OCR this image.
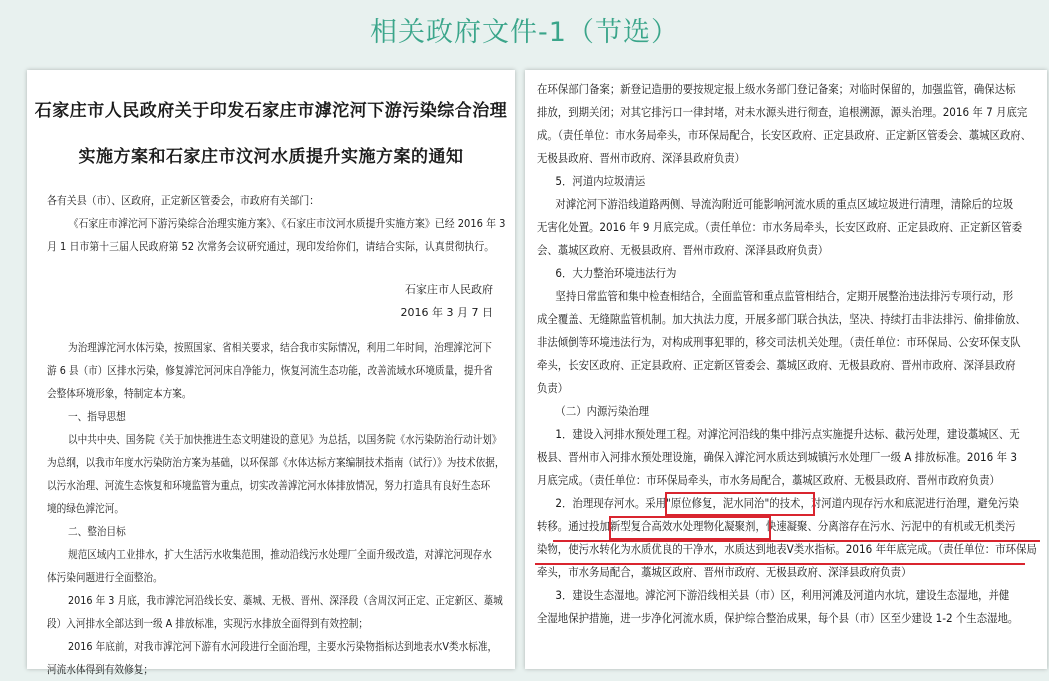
相关政府文件-1（节选）
石家庄市人民政府关于印发石家庄市滹沱河下游污染综合治理
实施方案和石家庄市汶河水质提升实施方案的通知
各有关县（市）、区政府，正定新区管委会，市政府有关部门：
《石家庄市滹沱河下游污染综合治理实施方案》、《石家庄市汶河水质提升实施方案》已经 2016 年 3
月 1 日市第十三届人民政府第 52 次常务会议研究通过，现印发给你们，请结合实际，认真贯彻执行。
石家庄市人民政府
2016 年 3 月 7 日
为治理滹沱河水体污染，按照国家、省相关要求，结合我市实际情况，利用二年时间，治理滹沱河下
游 6 县（市）区排水污染，修复滹沱河河床自净能力，恢复河流生态功能，改善流域水环境质量，提升省
会整体环境形象，特制定本方案。
一、指导思想
以中共中央、国务院《关于加快推进生态文明建设的意见》为总括，以国务院《水污染防治行动计划》
为总纲，以我市年度水污染防治方案为基础，以环保部《水体达标方案编制技术指南（试行）》为技术依据，
以污水治理、河流生态恢复和环境监管为重点，切实改善滹沱河水体排放情况，努力打造具有良好生态环
境的绿色滹沱河。
二、整治目标
规范区域内工业排水，扩大生活污水收集范围，推动沿线污水处理厂全面升级改造，对滹沱河现存水
体污染问题进行全面整治。
2016 年 3 月底，我市滹沱河沿线长安、藁城、无极、晋州、深泽段（含周汉河正定、正定新区、藁城
段）入河排水全部达到一级 A 排放标准，实现污水排放全面得到有效控制；
2016 年底前，对我市滹沱河下游有水河段进行全面治理，主要水污染物指标达到地表水Ⅴ类水标准，
河流水体得到有效修复；
在环保部门备案；新登记造册的要按规定报上级水务部门登记备案；对临时保留的，加强监管，确保达标
排放，到期关闭；对其它排污口一律封堵，对未水源头进行彻查，追根溯源，源头治理。2016 年 7 月底完
成。（责任单位：市水务局牵头，市环保局配合，长安区政府、正定县政府、正定新区管委会、藁城区政府、
无极县政府、晋州市政府、深泽县政府负责）
5．河道内垃圾清运
对滹沱河下游沿线道路两侧、导流沟附近可能影响河流水质的重点区域垃圾进行清理，清除后的垃圾
无害化处置。2016 年 9 月底完成。（责任单位：市水务局牵头，长安区政府、正定县政府、正定新区管委
会、藁城区政府、无极县政府、晋州市政府、深泽县政府负责）
6．大力整治环境违法行为
坚持日常监管和集中检查相结合，全面监管和重点监管相结合，定期开展整治违法排污专项行动，形
成全覆盖、无缝隙监管机制。加大执法力度，开展多部门联合执法，坚决、持续打击非法排污、偷排偷放、
非法倾倒等环境违法行为，对构成刑事犯罪的，移交司法机关处理。（责任单位：市环保局、公安环保支队
牵头，长安区政府、正定县政府、正定新区管委会、藁城区政府、无极县政府、晋州市政府、深泽县政府
负责）
（二）内源污染治理
1．建设入河排水预处理工程。对滹沱河沿线的集中排污点实施提升达标、截污处理，建设藁城区、无
极县、晋州市入河排水预处理设施，确保入滹沱河水质达到城镇污水处理厂一级 A 排放标准。2016 年 3
月底完成。（责任单位：市环保局牵头，市水务局配合，藁城区政府、无极县政府、晋州市政府负责）
2．治理现存河水。采用"原位修复，泥水同治"的技术，对河道内现存污水和底泥进行治理，避免污染
转移。通过投加新型复合高效水处理物化凝聚剂，快速凝聚、分离溶存在污水、污泥中的有机或无机类污
染物，使污水转化为水质优良的干净水，水质达到地表Ⅴ类水指标。2016 年年底完成。（责任单位：市环保局
牵头，市水务局配合，藁城区政府、晋州市政府、无极县政府、深泽县政府负责）
3．建设生态湿地。滹沱河下游沿线相关县（市）区，利用河滩及河道内水坑，建设生态湿地，并健
全湿地保护措施，进一步净化河流水质，保护综合整治成果，每个县（市）区至少建设 1-2 个生态湿地。
